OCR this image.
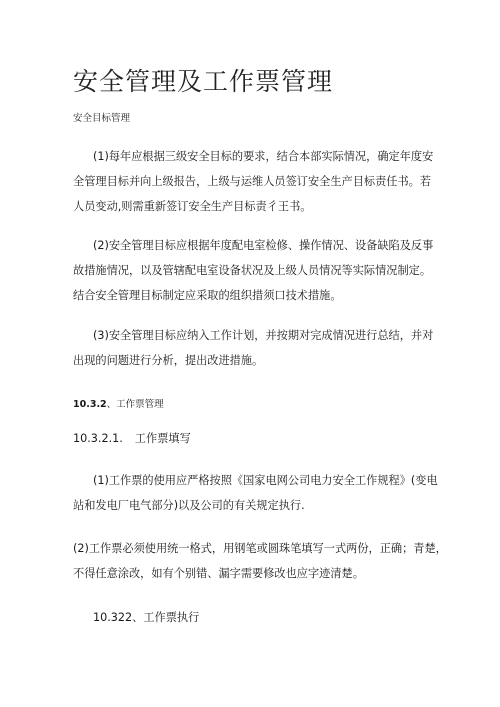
安全管理及工作票管理
安全目标管理

(1)每年应根据三级安全目标的要求，结合本部实际情况，确定年度安

全管理目标并向上级报告，上级与运维人员签订安全生产目标责任书。若

人员变动,则需重新签订安全生产目标责彳王书。

(2)安全管理目标应根据年度配电室检修、操作情况、设备缺陷及反事

故措施情况，以及管辖配电室设备状况及上级人员情况等实际情况制定。

结合安全管理目标制定应采取的组织措须口技术措施。

(3)安全管理目标应纳入工作计划，并按期对完成情况进行总结，并对

出现的问题进行分析，提出改进措施。

10.3.2、工作票管理
10.3.2.1. 工作票填写

(1)工作票的使用应严格按照《国家电网公司电力安全工作规程》(变电

站和发电厂电气部分)以及公司的有关规定执行.

(2)工作票必须使用统一格式，用钢笔或圆珠笔填写一式两份，正确；青楚，

不得任意涂改，如有个别错、漏字需要修改也应字迹清楚。

10.322、工作票执行
